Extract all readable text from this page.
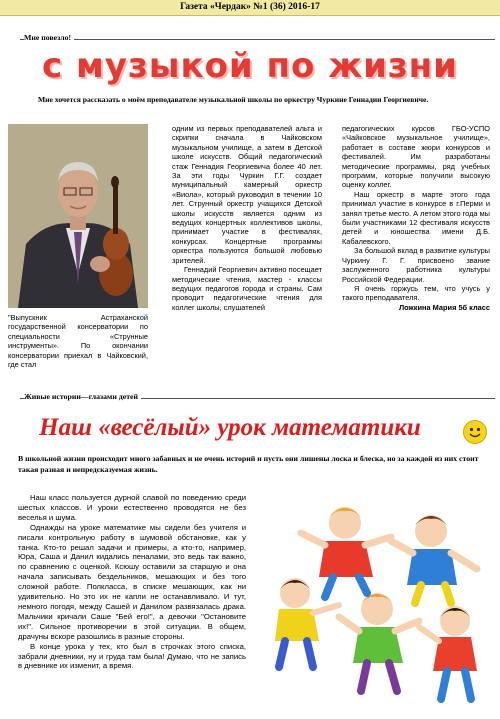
Газета «Чердак» №1 (36) 2016-17
Мне повезло!
с музыкой по жизни
Мне хочется рассказать о моём преподавателе музыкальной школы по оркестру Чуркине Геннадии Георгиевиче.

"Выпускник Астраханской государственной консерватории по специальности «Струнные инструменты». По окончании консерватории приехал в Чайковский, где стал

одним из первых преподавателей альта и скрипки сначала в Чайковском музыкальном училище, а затем в Детской школе искусств. Общий педагогический стаж Геннадия Георгиевича более 40 лет. За эти годы Чуркин Г.Г. создает муниципальный камерный оркестр «Виола», который руководил в течении 10 лет. Струнный оркестр учащихся Детской школы искусств является одним из ведущих концертных коллективов школы, принимает участие в фестивалях, конкурсах. Концертные программы оркестра пользуются большой любовью зрителей.

Геннадий Георгиевич активно посещает методические чтения, мастер - классы ведущих педагогов города и страны. Сам проводит педагогические чтения для коллег школы, слушателей

педагогических курсов ГБО-УСПО «Чайковское музыкальное училище», работает в составе жюри конкурсов и фестивалей. Им разработаны методические программы, ряд учебных программ, которые получили высокую оценку коллег.

Наш оркестр в марте этого года принимал участие в конкурсе в г.Перми и занял третье место. А летом этого года мы были участниками 12 фестиваля искусств детей и юношества имени Д.Б. Кабалевского.

За большой вклад в развитие культуры Чуркину Г. Г. присвоено звание заслуженного работника культуры Российской Федерации.

Я очень горжусь тем, что учусь у такого преподавателя.

Ложкина Мария 5б класс

Живые истории—глазами детей
Наш «весёлый» урок математики
В школьной жизни происходит много забавных и не очень историй и пусть они лишены лоска и блеска, но за каждой из них стоит такая разная и непредсказуемая жизнь.

Наш класс пользуется дурной славой по поведению среди шестых классов. И уроки естественно проводятся не без веселья и шума.

Однажды на уроке математике мы сидели без учителя и писали контрольную работу в шумовой обстановке, как у танка. Кто-то решал задачи и примеры, а кто-то, например, Юра, Саша и Данил кидались пеналами, это ведь так важно, по сравнению с оценкой. Ксюшу оставили за старшую и она начала записывать бездельников, мешающих и без того сложной работе. Полкласса, в списке мешающих, как ни удивительно. Но это их не капли не останавливало. И тут, немного погодя, между Сашей и Данилом развязалась драка. Мальчики кричали Саше "Бей его!", а девочки "Остановите их!". Сильное противоречии в этой ситуации. В общем, драчуны вскоре разошлись в разные стороны.

В конце урока у тех, кто был в строчках этого списка, забрали дневники, ну и груда там была! Думаю, что не запись в дневнике их изменит, а время.
